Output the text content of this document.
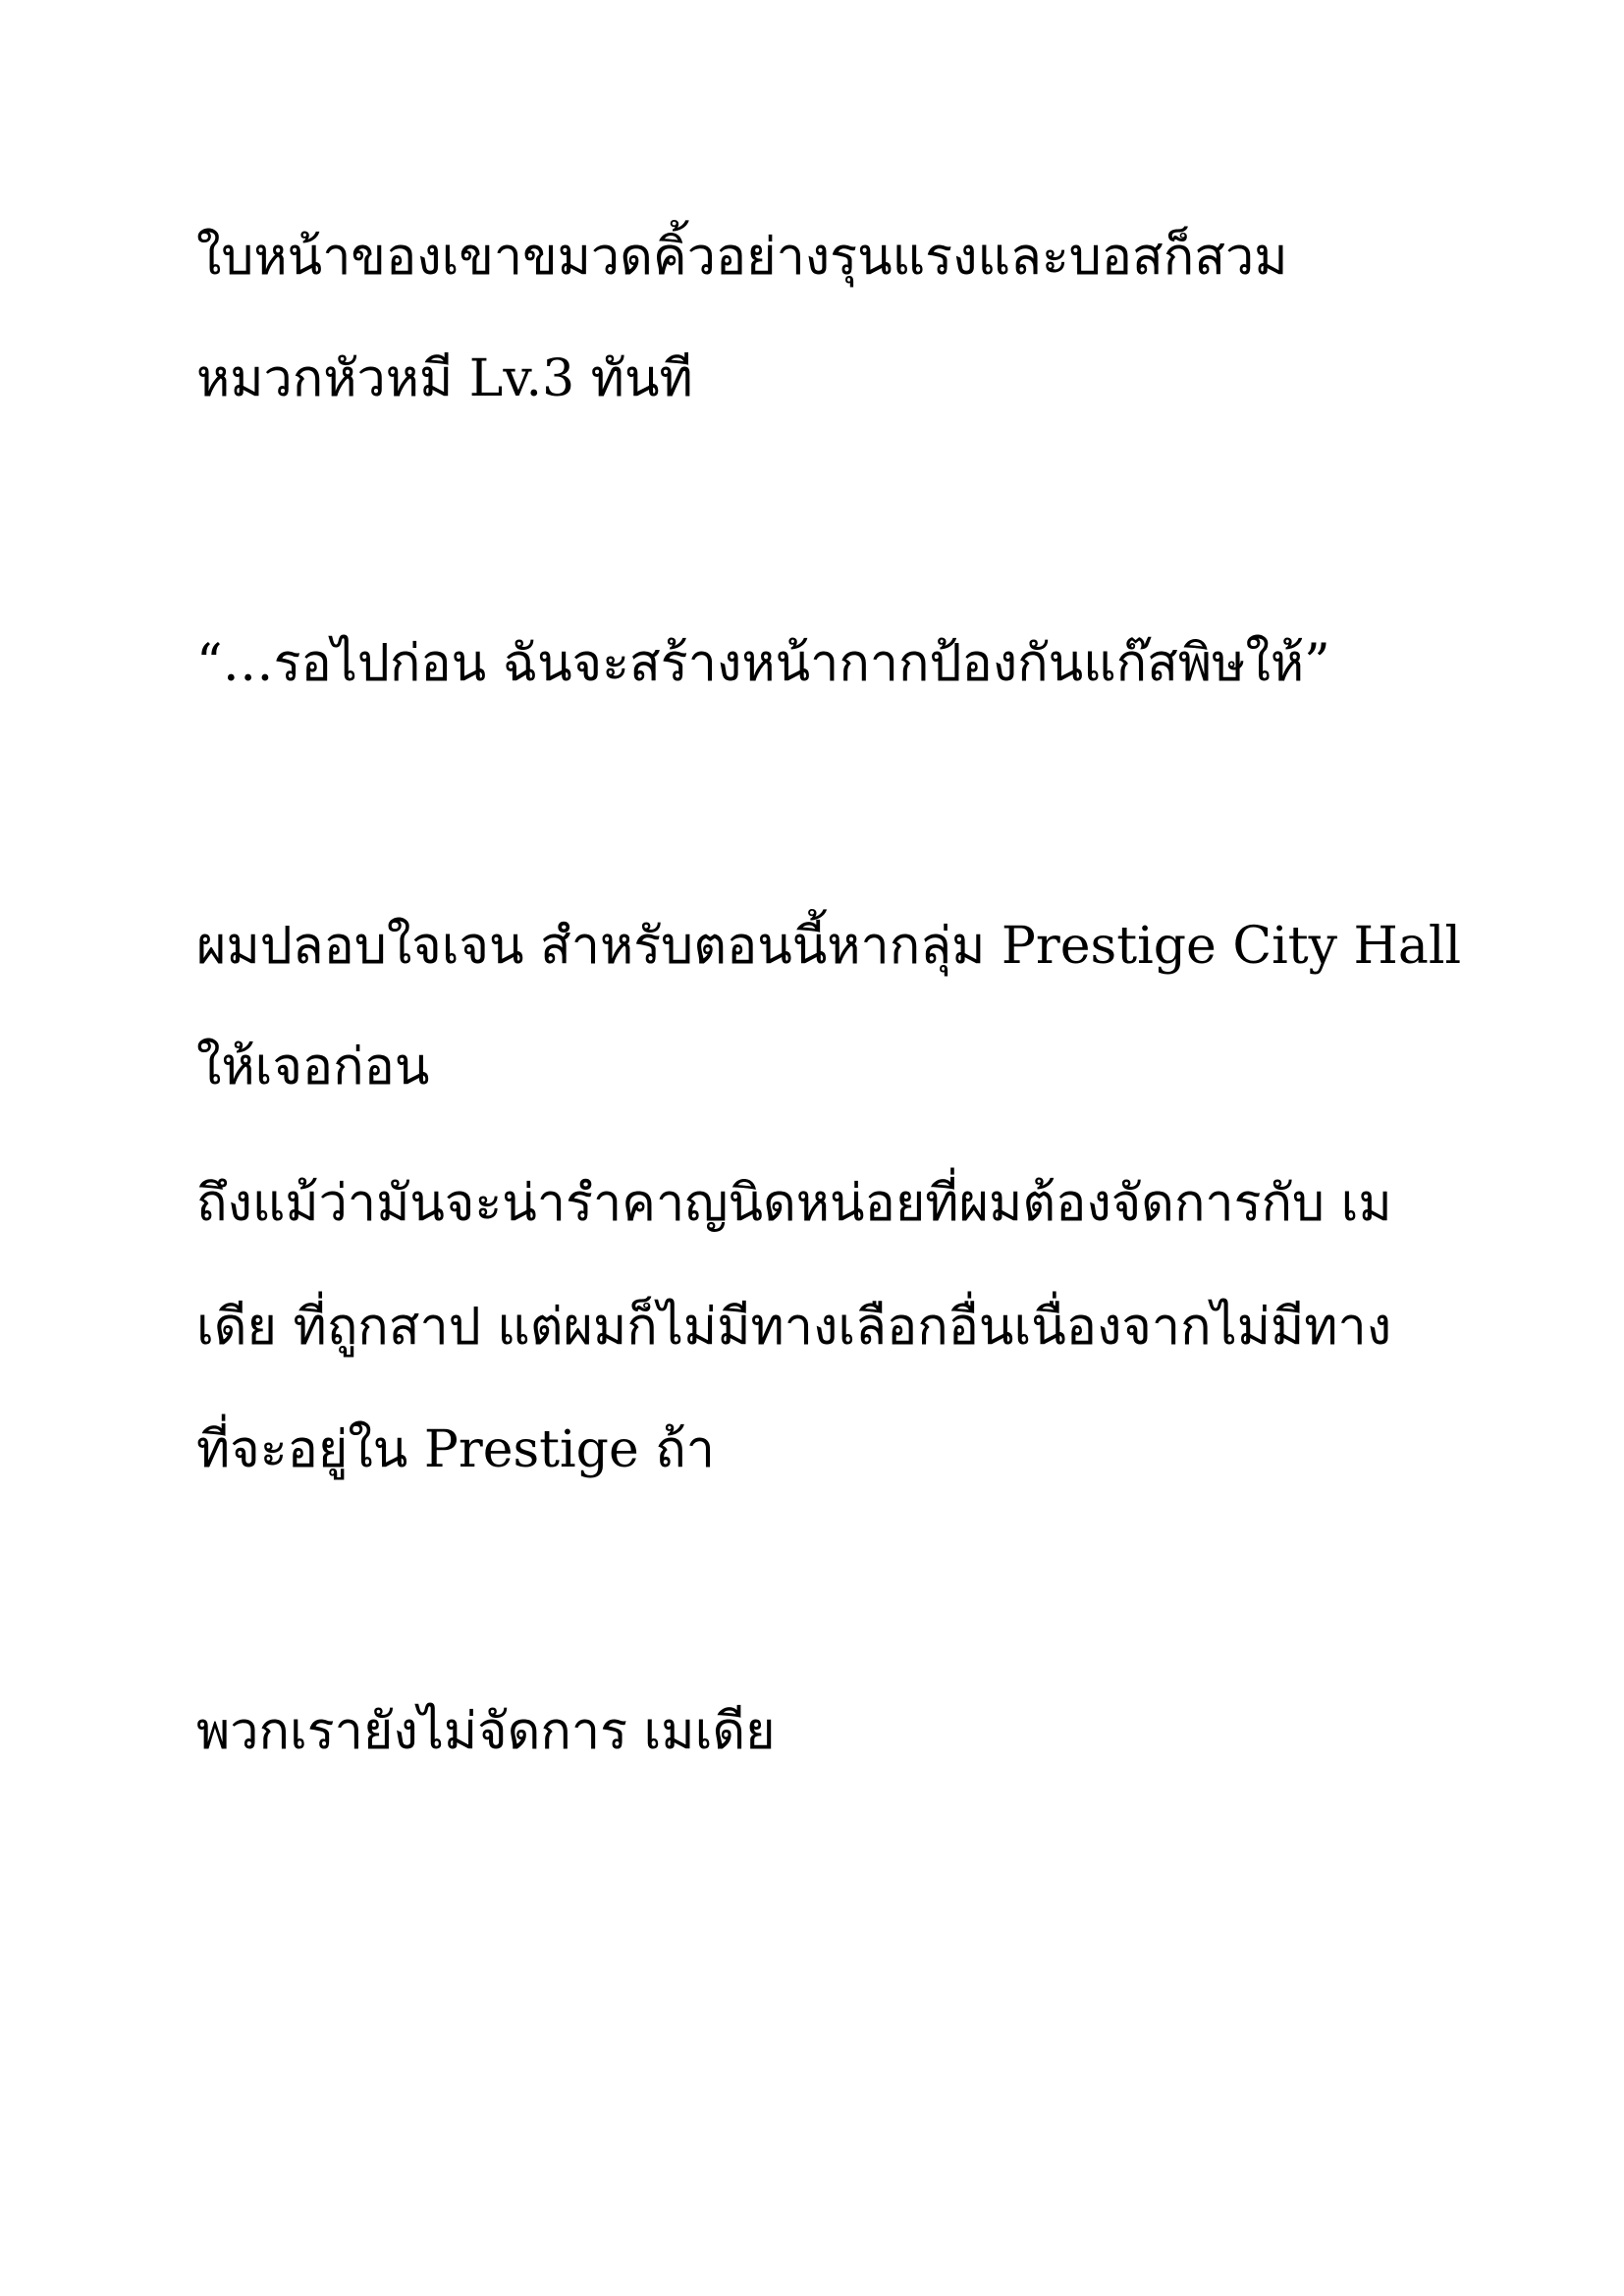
ใบหน้าของเขาขมวดคิ้วอย่างรุนแรงและบอสก็สวม
หมวกหัวหมี Lv.3 ทันที
“…รอไปก่อน ฉันจะสร้างหน้ากากป้องกันแก๊สพิษให้”
ผมปลอบใจเจน สำหรับตอนนี้หากลุ่ม Prestige City Hall
ให้เจอก่อน
ถึงแม้ว่ามันจะน่ารำคาญนิดหน่อยที่ผมต้องจัดการกับ เม
เดีย ที่ถูกสาป แต่ผมก็ไม่มีทางเลือกอื่นเนื่องจากไม่มีทาง
ที่จะอยู่ใน Prestige ถ้า
พวกเรายังไม่จัดการ เมเดีย
